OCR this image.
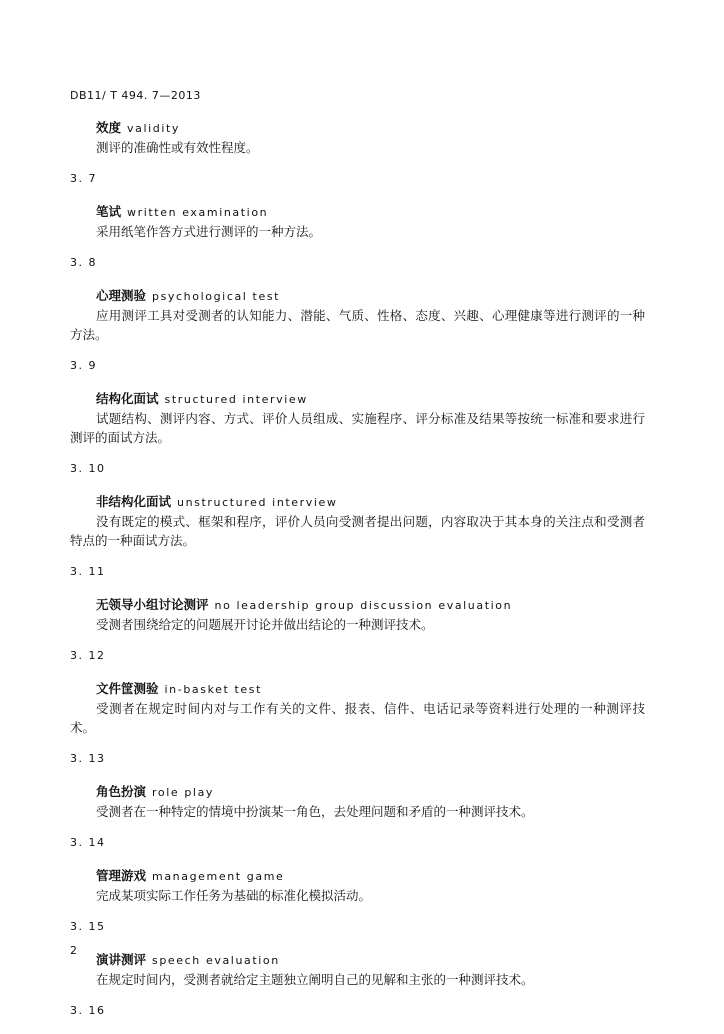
DB11/ T 494. 7—2013
效度 validity

测评的准确性或有效性程度。

3. 7
笔试 written examination

采用纸笔作答方式进行测评的一种方法。

3. 8
心理测验 psychological test

应用测评工具对受测者的认知能力、潜能、气质、性格、态度、兴趣、心理健康等进行测评的一种方法。

3. 9
结构化面试 structured interview

试题结构、测评内容、方式、评价人员组成、实施程序、评分标准及结果等按统一标准和要求进行测评的面试方法。

3. 10
非结构化面试 unstructured interview

没有既定的模式、框架和程序，评价人员向受测者提出问题，内容取决于其本身的关注点和受测者特点的一种面试方法。

3. 11
无领导小组讨论测评 no leadership group discussion evaluation

受测者围绕给定的问题展开讨论并做出结论的一种测评技术。

3. 12
文件筐测验 in-basket test

受测者在规定时间内对与工作有关的文件、报表、信件、电话记录等资料进行处理的一种测评技术。

3. 13
角色扮演 role play

受测者在一种特定的情境中扮演某一角色，去处理问题和矛盾的一种测评技术。

3. 14
管理游戏 management game

完成某项实际工作任务为基础的标准化模拟活动。

3. 15
演讲测评 speech evaluation

在规定时间内，受测者就给定主题独立阐明自己的见解和主张的一种测评技术。

3. 16
2
